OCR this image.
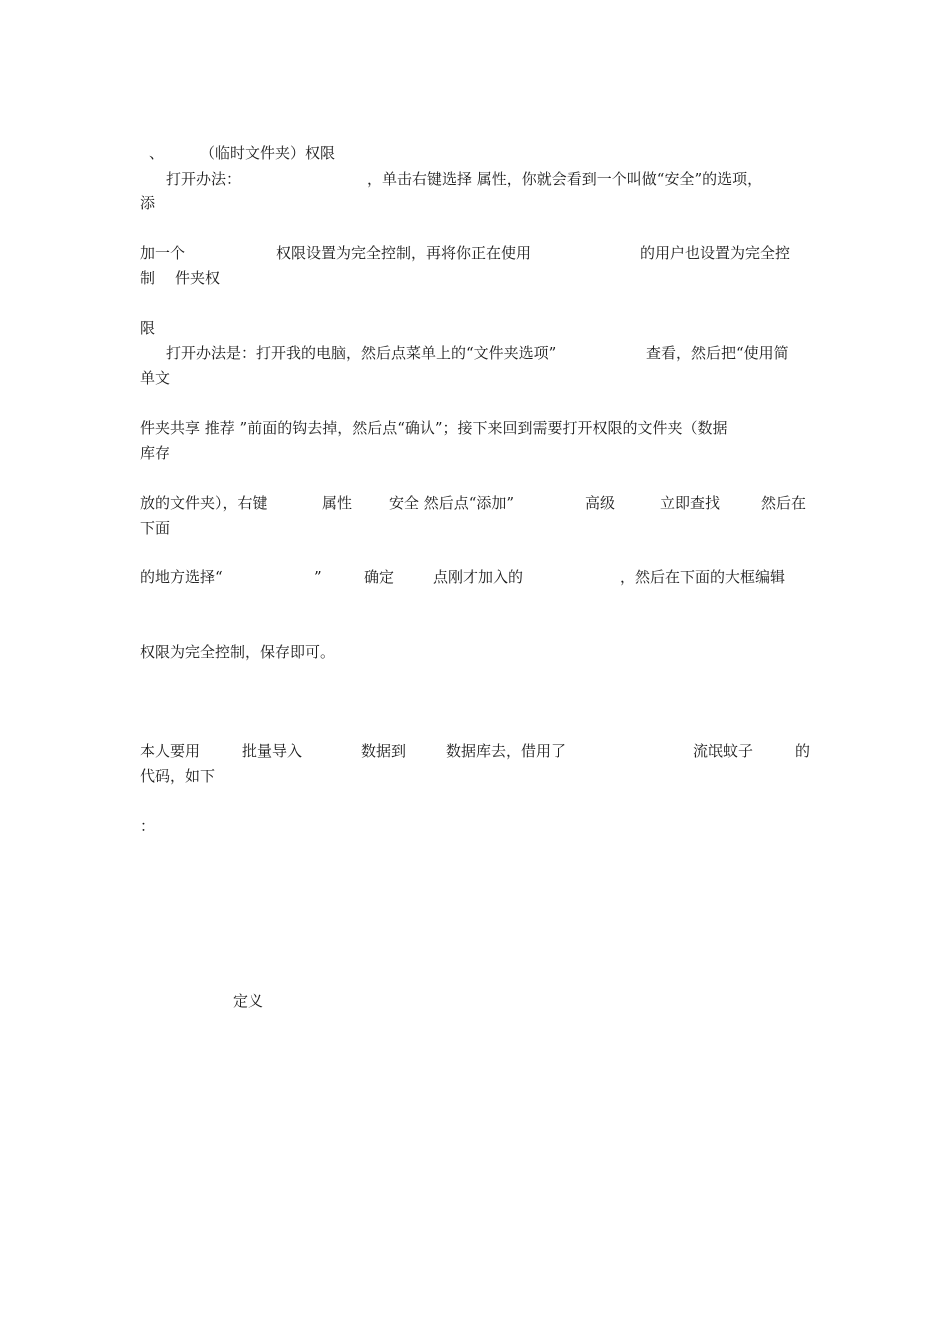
、 （临时文件夹）权限
打开办法：	，单击右键选择 属性，你就会看到一个叫做“安全”的选项，
添
加一个	权限设置为完全控制，再将你正在使用	的用户也设置为完全控
制 件夹权
限
打开办法是：打开我的电脑，然后点菜单上的“文件夹选项”	查看，然后把“使用简
单文
件夹共享 推荐 ”前面的钩去掉，然后点“确认”；接下来回到需要打开权限的文件夹（数据
库存
放的文件夹），右键	属性 安全 然后点“添加”	高级	立即查找	然后在
下面
的地方选择“	”	确定	点刚才加入的	，然后在下面的大框编辑
权限为完全控制，保存即可。
本人要用	批量导入	数据到	数据库去，借用了	流氓蚊子	的
代码，如下
：
定义
